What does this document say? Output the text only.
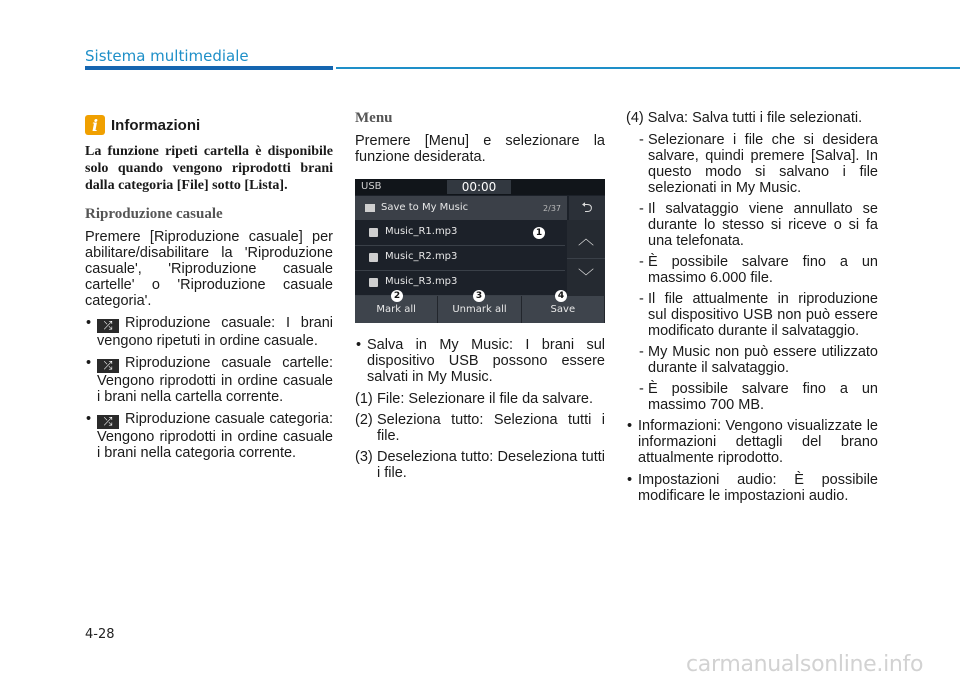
Sistema multimediale
i Informazioni
La funzione ripeti cartella è disponibile solo quando vengono riprodotti brani dalla categoria [File] sotto [Lista].
Riproduzione casuale

Premere [Riproduzione casuale] per abilitare/disabilitare la 'Riproduzione casuale', 'Riproduzione casuale cartelle' o 'Riproduzione casuale categoria'.

• ⤮ Riproduzione casuale: I brani vengono ripetuti in ordine casuale.
• ⤮ Riproduzione casuale cartelle: Vengono riprodotti in ordine casuale i brani nella cartella corrente.
• ⤮ Riproduzione casuale categoria: Vengono riprodotti in ordine casuale i brani nella categoria corrente.
Menu

Premere [Menu] e selezionare la funzione desiderata.

USB	00:00
Save to My Music	2/37	⮌
Music_R1.mp3
Music_R2.mp3
Music_R3.mp3
︿
﹀
Mark all	Unmark all	Save
1
2	3	4
• Salva in My Music: I brani sul dispositivo USB possono essere salvati in My Music.
(1) File: Selezionare il file da salvare.
(2) Seleziona tutto: Seleziona tutti i file.
(3) Deseleziona tutto: Deseleziona tutti i file.

(4) Salva: Salva tutti i file selezionati.

- Selezionare i file che si desidera salvare, quindi premere [Salva]. In questo modo si salvano i file selezionati in My Music.
- Il salvataggio viene annullato se durante lo stesso si riceve o si fa una telefonata.
- È possibile salvare fino a un massimo 6.000 file.
- Il file attualmente in riproduzione sul dispositivo USB non può essere modificato durante il salvataggio.
- My Music non può essere utilizzato durante il salvataggio.
- È possibile salvare fino a un massimo 700 MB.
• Informazioni: Vengono visualizzate le informazioni dettagli del brano attualmente riprodotto.
• Impostazioni audio: È possibile modificare le impostazioni audio.
4-28
carmanualsonline.info
